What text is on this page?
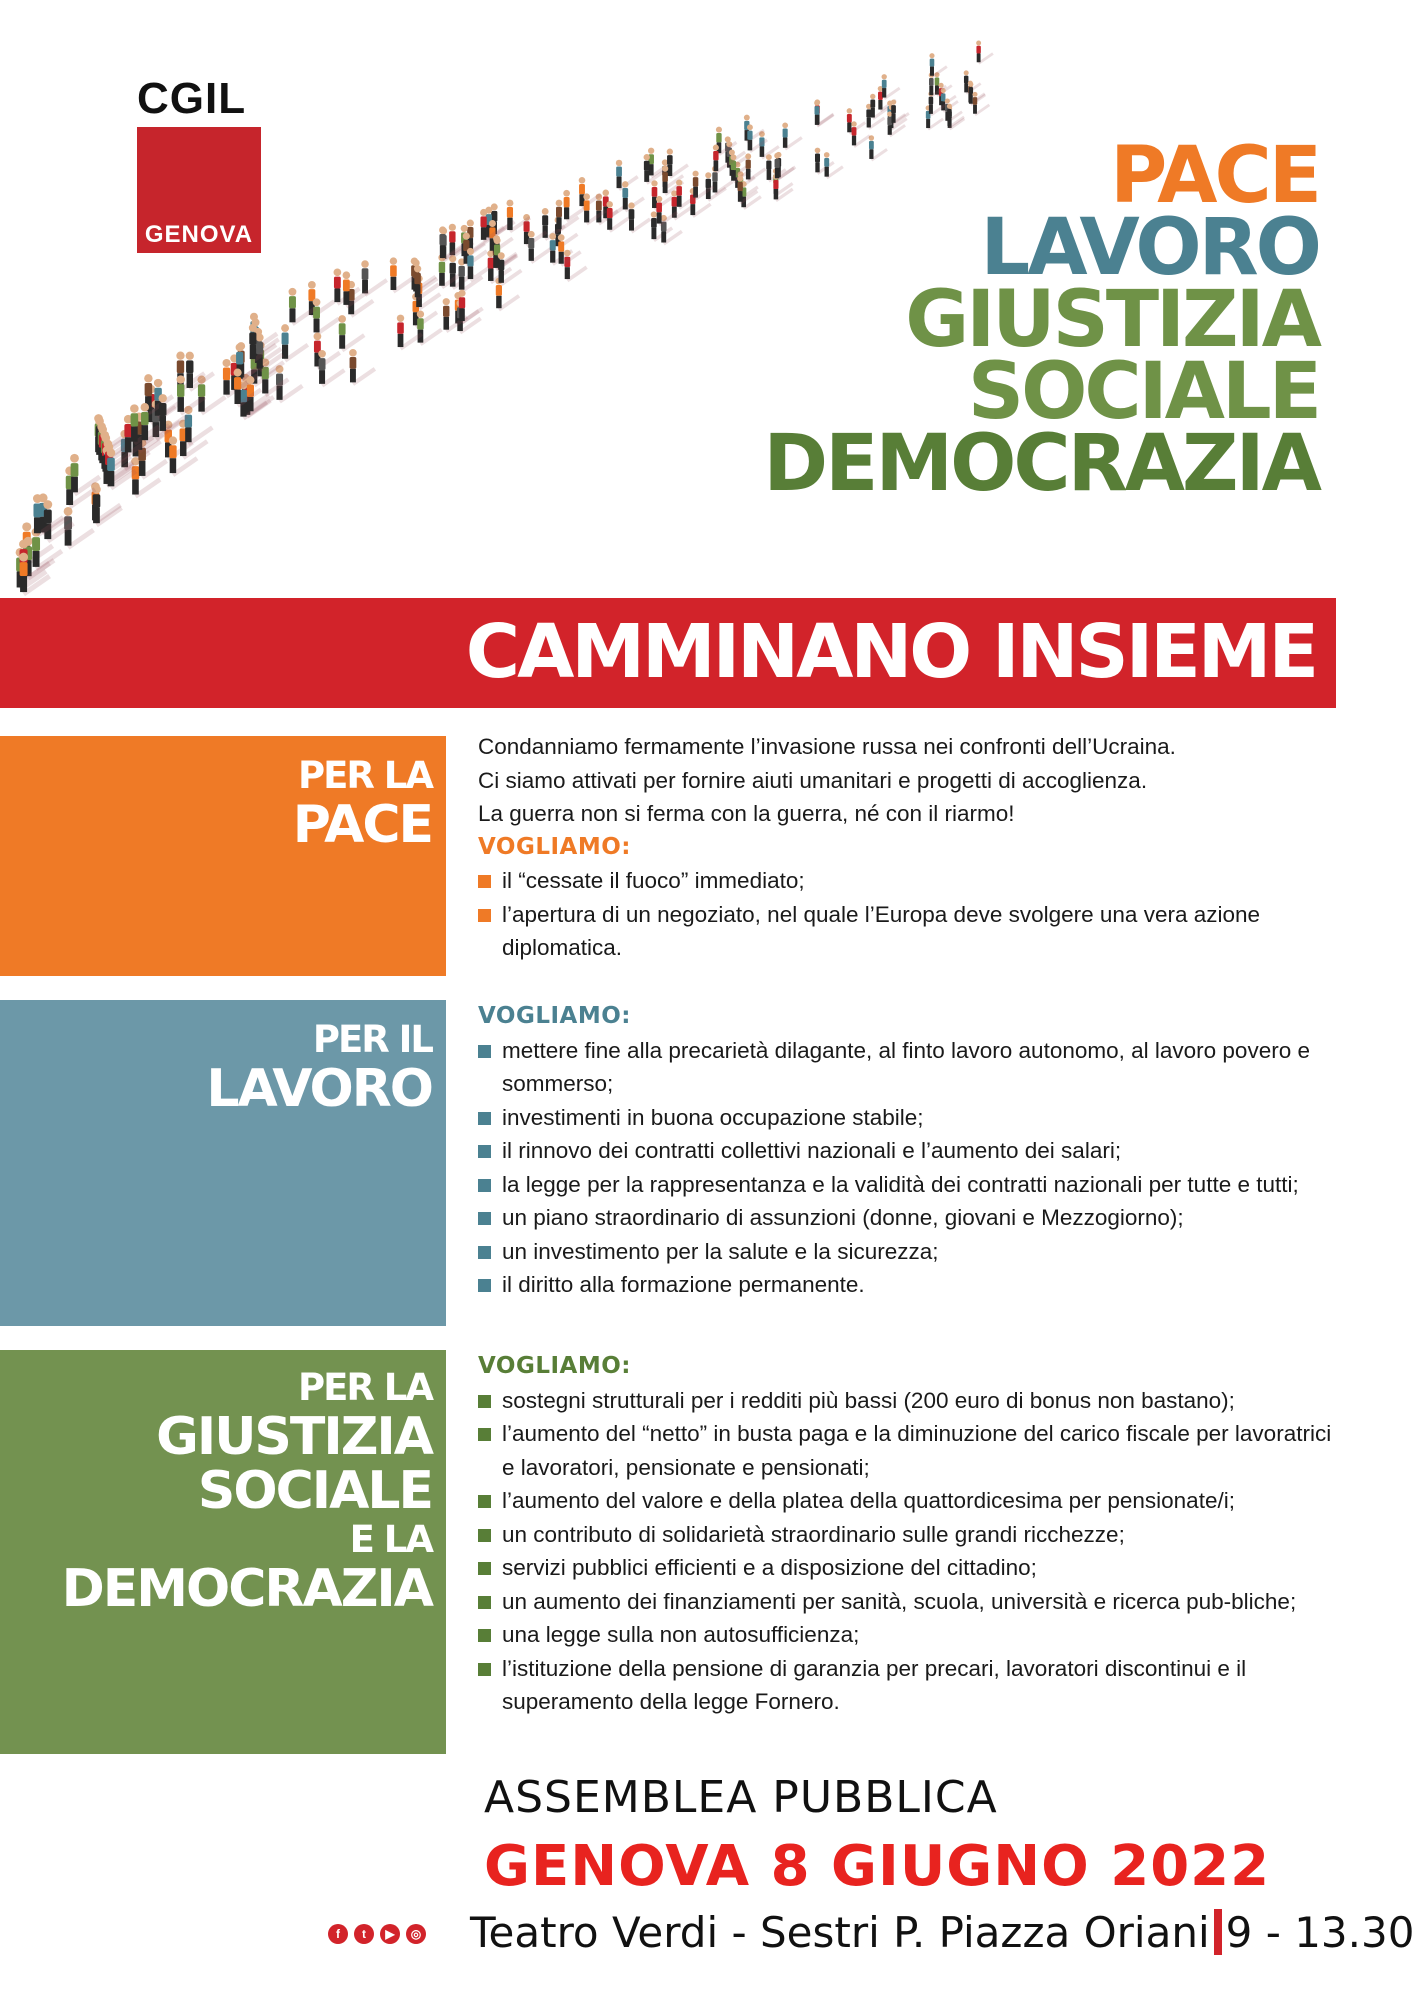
CGIL
GENOVA
PACE
LAVORO
GIUSTIZIA
SOCIALE
DEMOCRAZIA
CAMMINANO INSIEME
PER LA
PACE

Condanniamo fermamente l’invasione russa nei confronti dell’Ucraina.

Ci siamo attivati per fornire aiuti umanitari e progetti di accoglienza.

La guerra non si ferma con la guerra, né con il riarmo!

VOGLIAMO:

il “cessate il fuoco” immediato;
l’apertura di un negoziato, nel quale l’Europa deve svolgere una vera azione diplomatica.
PER IL
LAVORO

VOGLIAMO:

mettere fine alla precarietà dilagante, al finto lavoro autonomo, al lavoro povero e sommerso;
investimenti in buona occupazione stabile;
il rinnovo dei contratti collettivi nazionali e l’aumento dei salari;
la legge per la rappresentanza e la validità dei contratti nazionali per tutte e tutti;
un piano straordinario di assunzioni (donne, giovani e Mezzogiorno);
un investimento per la salute e la sicurezza;
il diritto alla formazione permanente.
PER LA
GIUSTIZIA
SOCIALE
E LA
DEMOCRAZIA

VOGLIAMO:

sostegni strutturali per i redditi più bassi (200 euro di bonus non bastano);
l’aumento del “netto” in busta paga e la diminuzione del carico fiscale per lavoratrici e lavoratori, pensionate e pensionati;
l’aumento del valore e della platea della quattordicesima per pensionate/i;
un contributo di solidarietà straordinario sulle grandi ricchezze;
servizi pubblici efficienti e a disposizione del cittadino;
un aumento dei finanziamenti per sanità, scuola, università e ricerca pub-bliche;
una legge sulla non autosufficienza;
l’istituzione della pensione di garanzia per precari, lavoratori discontinui e il superamento della legge Fornero.
ASSEMBLEA PUBBLICA
GENOVA 8 GIUGNO 2022
f	t	▶	◎ Teatro Verdi - Sestri P. Piazza Oriani 9 - 13.30
